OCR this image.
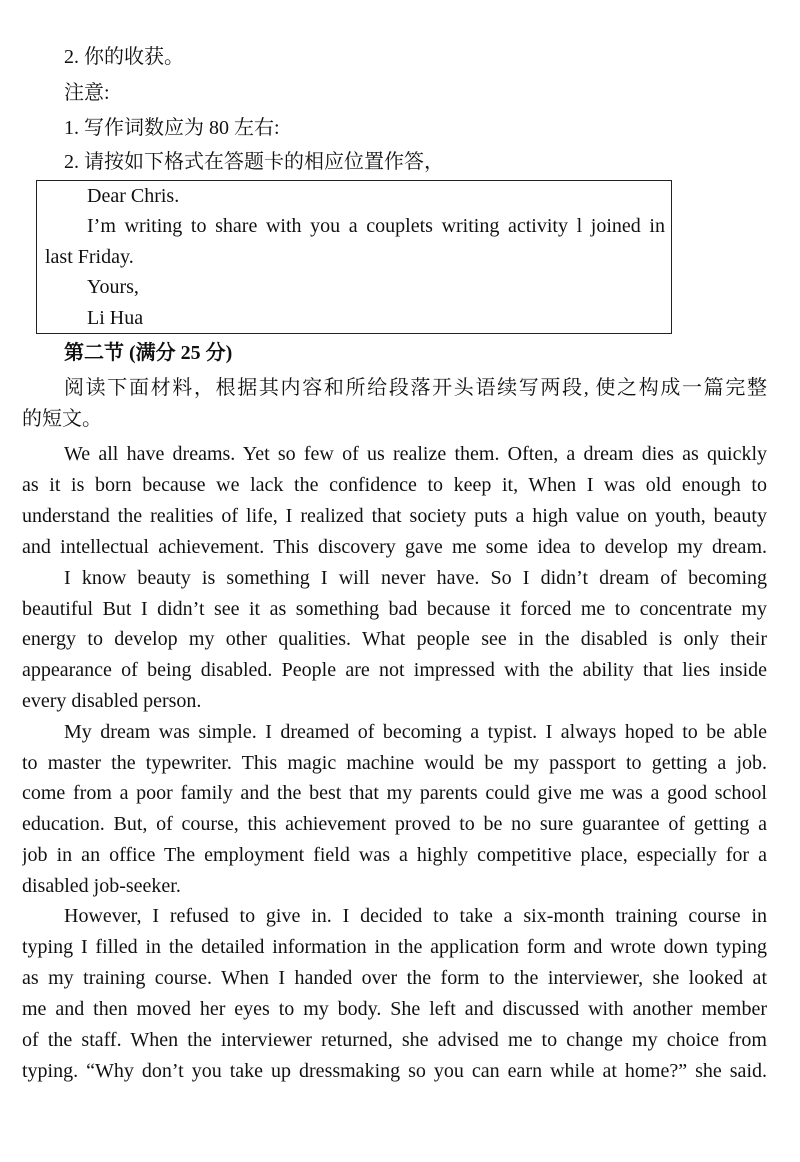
2. 你的收获。
注意:
1. 写作词数应为 80 左右:
2. 请按如下格式在答题卡的相应位置作答，
Dear Chris.
I’m writing to share with you a couplets writing activity l joined in
last Friday.
Yours,
Li Hua
第二节 (满分 25 分)
阅读下面材料，根据其内容和所给段落开头语续写两段, 使之构成一篇完整
的短文。
We all have dreams. Yet so few of us realize them. Often, a dream dies as quickly
as it is born because we lack the confidence to keep it, When I was old enough to
understand the realities of life, I realized that society puts a high value on youth, beauty
and intellectual achievement. This discovery gave me some idea to develop my dream.
I know beauty is something I will never have. So I didn’t dream of becoming
beautiful But I didn’t see it as something bad because it forced me to concentrate my
energy to develop my other qualities. What people see in the disabled is only their
appearance of being disabled. People are not impressed with the ability that lies inside
every disabled person.
My dream was simple. I dreamed of becoming a typist. I always hoped to be able
to master the typewriter. This magic machine would be my passport to getting a job.
come from a poor family and the best that my parents could give me was a good school
education. But, of course, this achievement proved to be no sure guarantee of getting a
job in an office The employment field was a highly competitive place, especially for a
disabled job-seeker.
However, I refused to give in. I decided to take a six-month training course in
typing I filled in the detailed information in the application form and wrote down typing
as my training course. When I handed over the form to the interviewer, she looked at
me and then moved her eyes to my body. She left and discussed with another member
of the staff. When the interviewer returned, she advised me to change my choice from
typing. “Why don’t you take up dressmaking so you can earn while at home?” she said.
